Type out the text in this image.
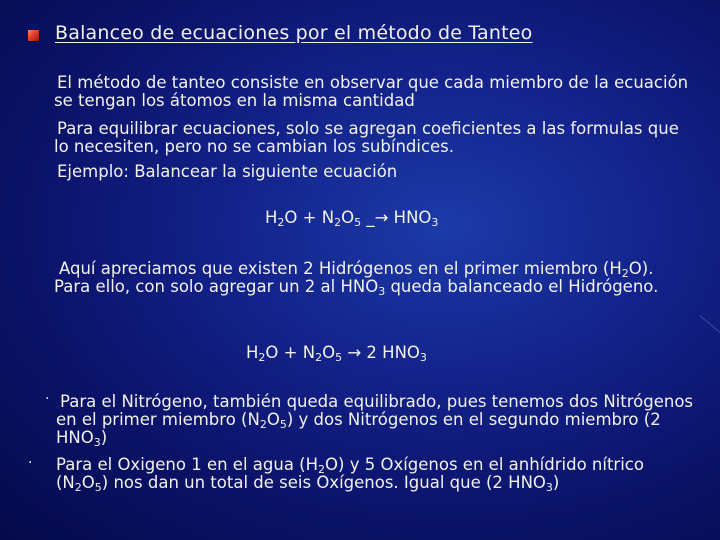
Balanceo de ecuaciones por el método de Tanteo
El método de tanteo consiste en observar que cada miembro de la ecuación se tengan los átomos en la misma cantidad
Para equilibrar ecuaciones, solo se agregan coeficientes a las formulas que lo necesiten, pero no se cambian los subíndices.
Ejemplo: Balancear la siguiente ecuación
$H_2O + N_2O_5$ _→ $HNO_3$
Aquí apreciamos que existen 2 Hidrógenos en el primer miembro $(H_2O)$. Para ello, con solo agregar un 2 al $HNO_3$ queda balanceado el Hidrógeno.
$H_2O + N_2O_5 \to 2$ $HNO_3$
· Para el Nitrógeno, también queda equilibrado, pues tenemos dos Nitrógenos en el primer miembro $(N_2O_5)$ y dos Nitrógenos en el segundo miembro (2 $HNO_3$)
· Para el Oxigeno 1 en el agua $(H_2O)$ y 5 Oxígenos en el anhídrido nítrico $(N_2O_5)$ nos dan un total de seis Oxígenos. Igual que (2 $HNO_3$)
